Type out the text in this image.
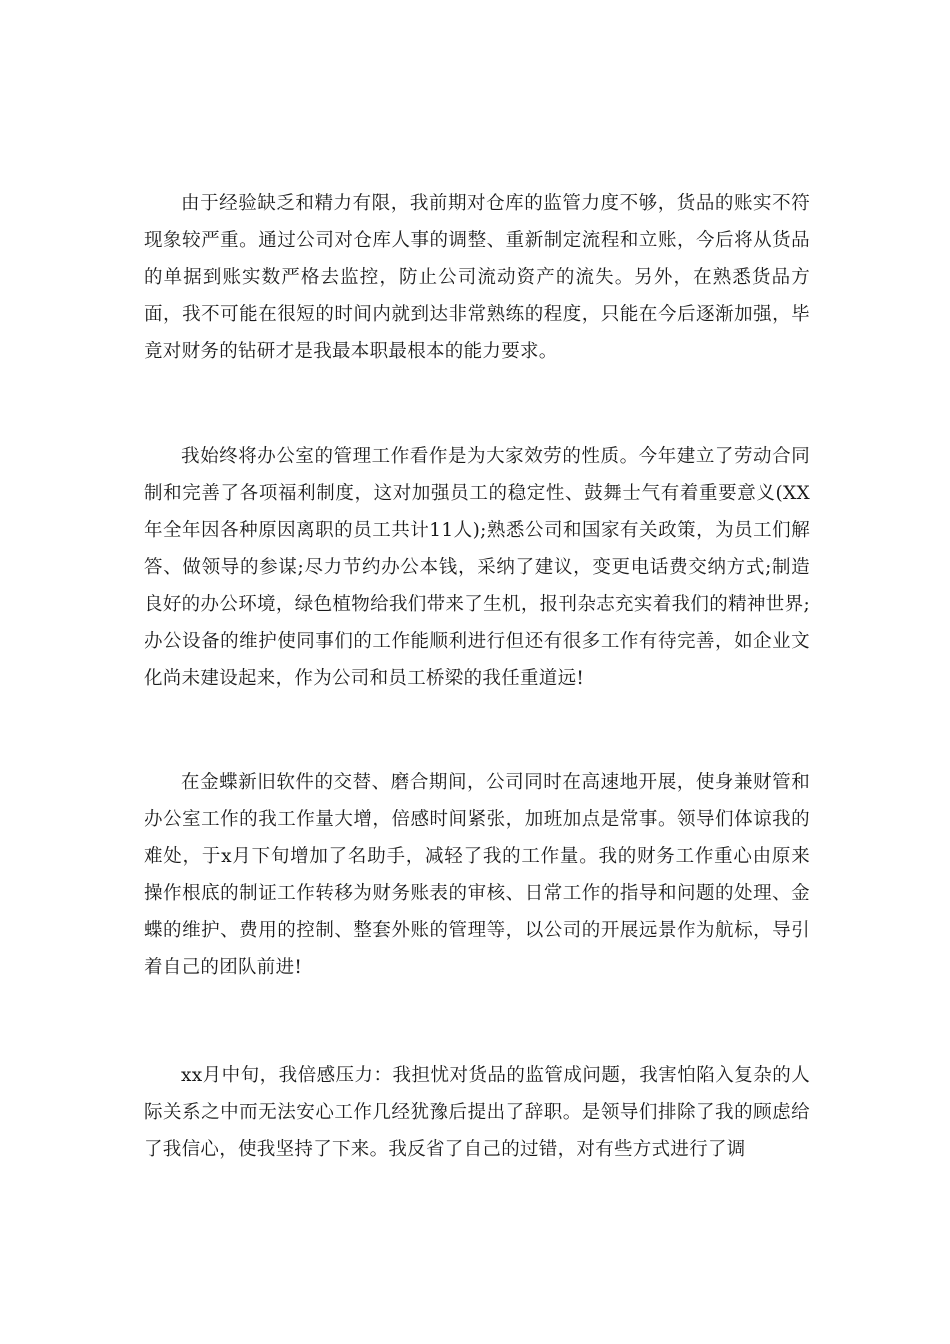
由于经验缺乏和精力有限，我前期对仓库的监管力度不够，货品的账实不符现象较严重。通过公司对仓库人事的调整、重新制定流程和立账，今后将从货品的单据到账实数严格去监控，防止公司流动资产的流失。另外，在熟悉货品方面，我不可能在很短的时间内就到达非常熟练的程度，只能在今后逐渐加强，毕竟对财务的钻研才是我最本职最根本的能力要求。

我始终将办公室的管理工作看作是为大家效劳的性质。今年建立了劳动合同制和完善了各项福利制度，这对加强员工的稳定性、鼓舞士气有着重要意义(XX年全年因各种原因离职的员工共计11人);熟悉公司和国家有关政策，为员工们解答、做领导的参谋;尽力节约办公本钱，采纳了建议，变更电话费交纳方式;制造良好的办公环境，绿色植物给我们带来了生机，报刊杂志充实着我们的精神世界;办公设备的维护使同事们的工作能顺利进行但还有很多工作有待完善，如企业文化尚未建设起来，作为公司和员工桥梁的我任重道远!

在金蝶新旧软件的交替、磨合期间，公司同时在高速地开展，使身兼财管和办公室工作的我工作量大增，倍感时间紧张，加班加点是常事。领导们体谅我的难处，于x月下旬增加了名助手，减轻了我的工作量。我的财务工作重心由原来操作根底的制证工作转移为财务账表的审核、日常工作的指导和问题的处理、金蝶的维护、费用的控制、整套外账的管理等，以公司的开展远景作为航标，导引着自己的团队前进!

xx月中旬，我倍感压力：我担忧对货品的监管成问题，我害怕陷入复杂的人际关系之中而无法安心工作几经犹豫后提出了辞职。是领导们排除了我的顾虑给了我信心，使我坚持了下来。我反省了自己的过错，对有些方式进行了调
